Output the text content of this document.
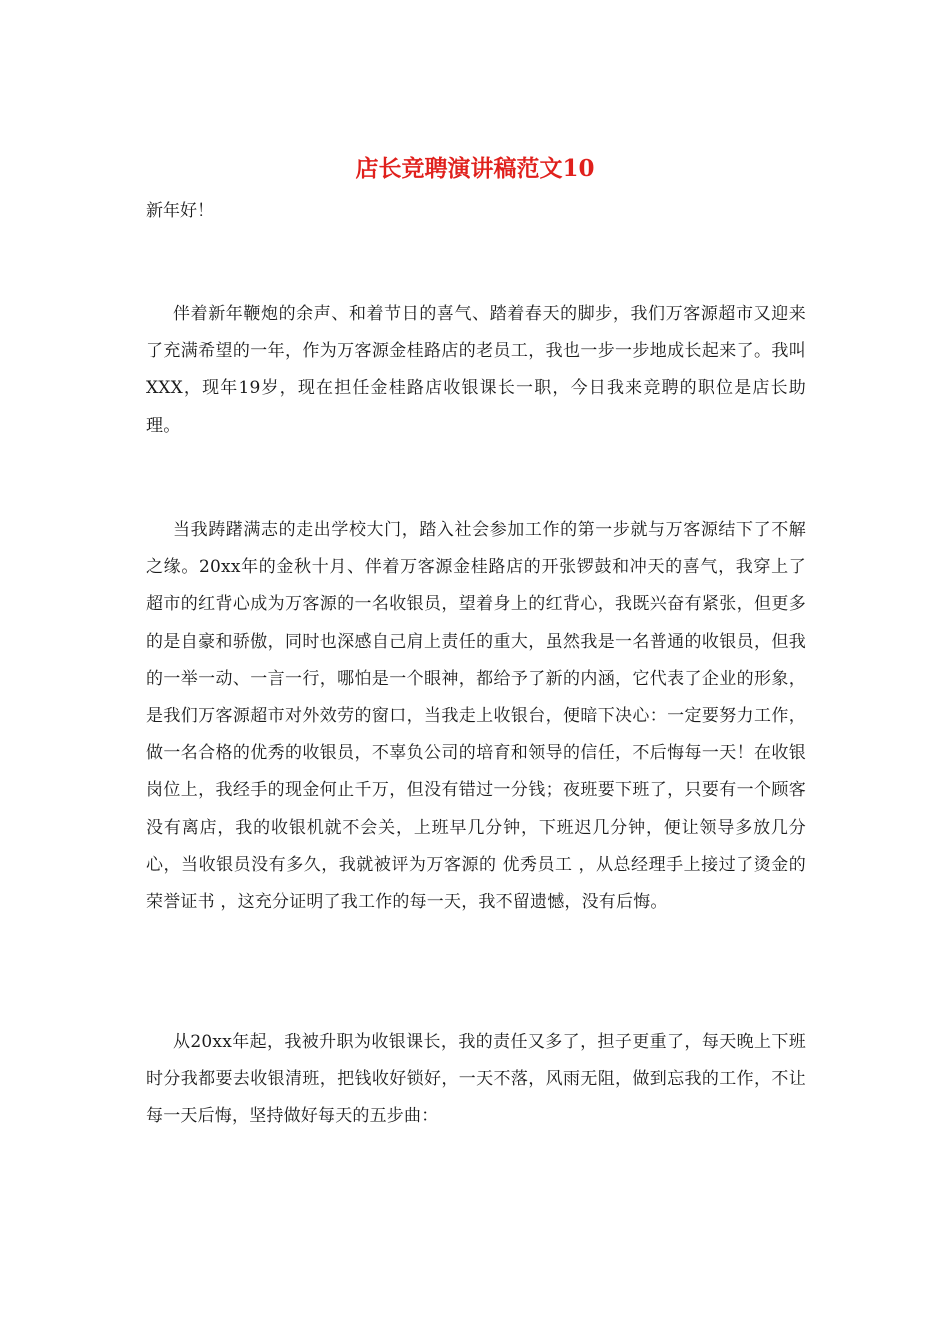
店长竞聘演讲稿范文10

新年好！

伴着新年鞭炮的余声、和着节日的喜气、踏着春天的脚步，我们万客源超市又迎来了充满希望的一年，作为万客源金桂路店的老员工，我也一步一步地成长起来了。我叫XXX，现年19岁，现在担任金桂路店收银课长一职，今日我来竞聘的职位是店长助理。

当我踌躇满志的走出学校大门，踏入社会参加工作的第一步就与万客源结下了不解之缘。20xx年的金秋十月、伴着万客源金桂路店的开张锣鼓和冲天的喜气，我穿上了超市的红背心成为万客源的一名收银员，望着身上的红背心，我既兴奋有紧张，但更多的是自豪和骄傲，同时也深感自己肩上责任的重大，虽然我是一名普通的收银员，但我的一举一动、一言一行，哪怕是一个眼神，都给予了新的内涵，它代表了企业的形象，是我们万客源超市对外效劳的窗口，当我走上收银台，便暗下决心：一定要努力工作，做一名合格的优秀的收银员，不辜负公司的培育和领导的信任，不后悔每一天！在收银岗位上，我经手的现金何止千万，但没有错过一分钱；夜班要下班了，只要有一个顾客没有离店，我的收银机就不会关，上班早几分钟，下班迟几分钟，便让领导多放几分心，当收银员没有多久，我就被评为万客源的 优秀员工 ，从总经理手上接过了烫金的 荣誉证书 ，这充分证明了我工作的每一天，我不留遗憾，没有后悔。

从20xx年起，我被升职为收银课长，我的责任又多了，担子更重了，每天晚上下班时分我都要去收银清班，把钱收好锁好，一天不落，风雨无阻，做到忘我的工作，不让每一天后悔，坚持做好每天的五步曲：
